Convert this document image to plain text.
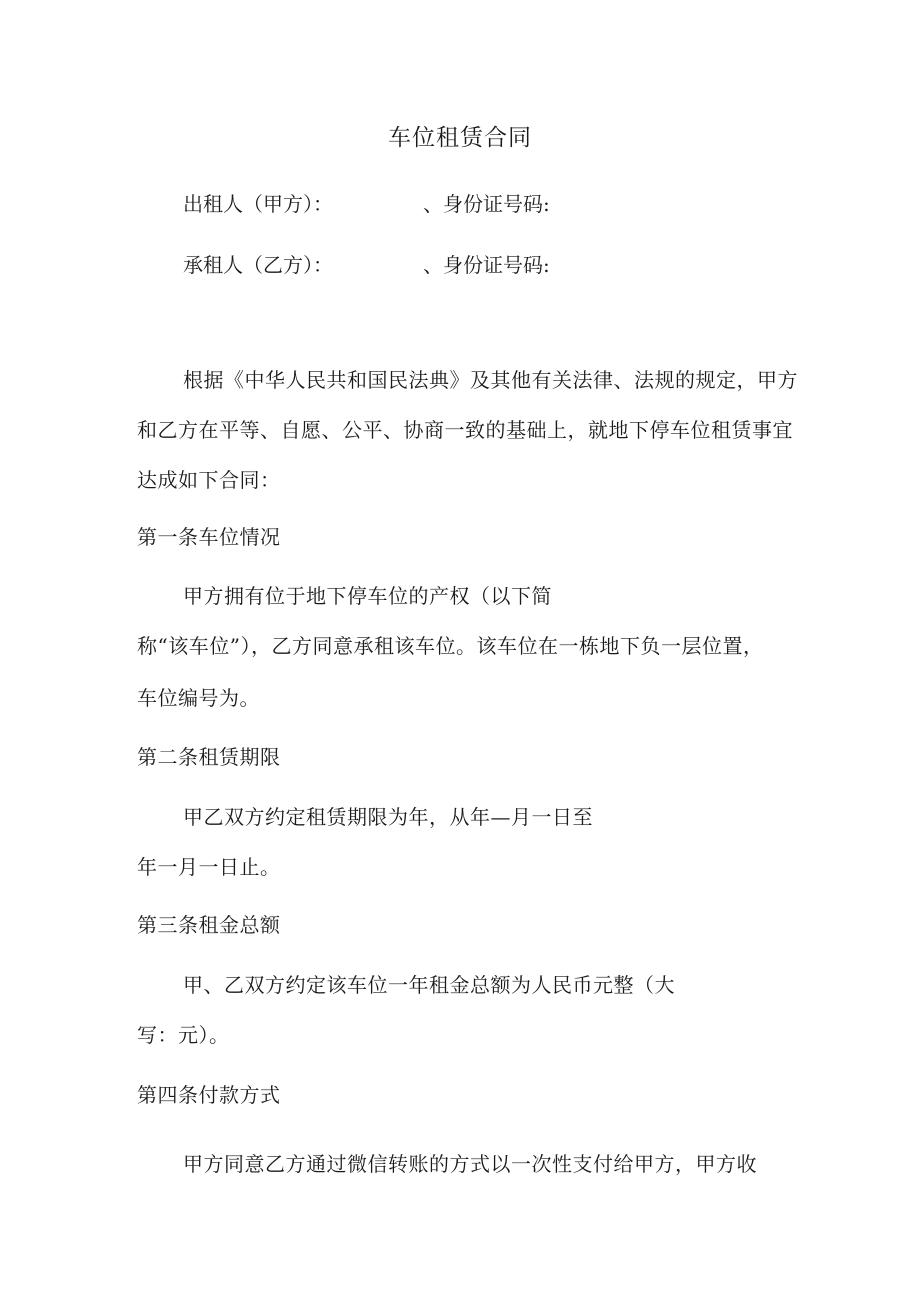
车位租赁合同
出租人（甲方）：	、身份证号码:
承租人（乙方）：	、身份证号码:
根据《中华人民共和国民法典》及其他有关法律、法规的规定，甲方
和乙方在平等、自愿、公平、协商一致的基础上，就地下停车位租赁事宜
达成如下合同：
第一条车位情况
甲方拥有位于地下停车位的产权（以下简
称“该车位”），乙方同意承租该车位。该车位在一栋地下负一层位置，
车位编号为。
第二条租赁期限
甲乙双方约定租赁期限为年，从年—月一日至
年一月一日止。
第三条租金总额
甲、乙双方约定该车位一年租金总额为人民币元整（大
写：元）。
第四条付款方式
甲方同意乙方通过微信转账的方式以一次性支付给甲方，甲方收
